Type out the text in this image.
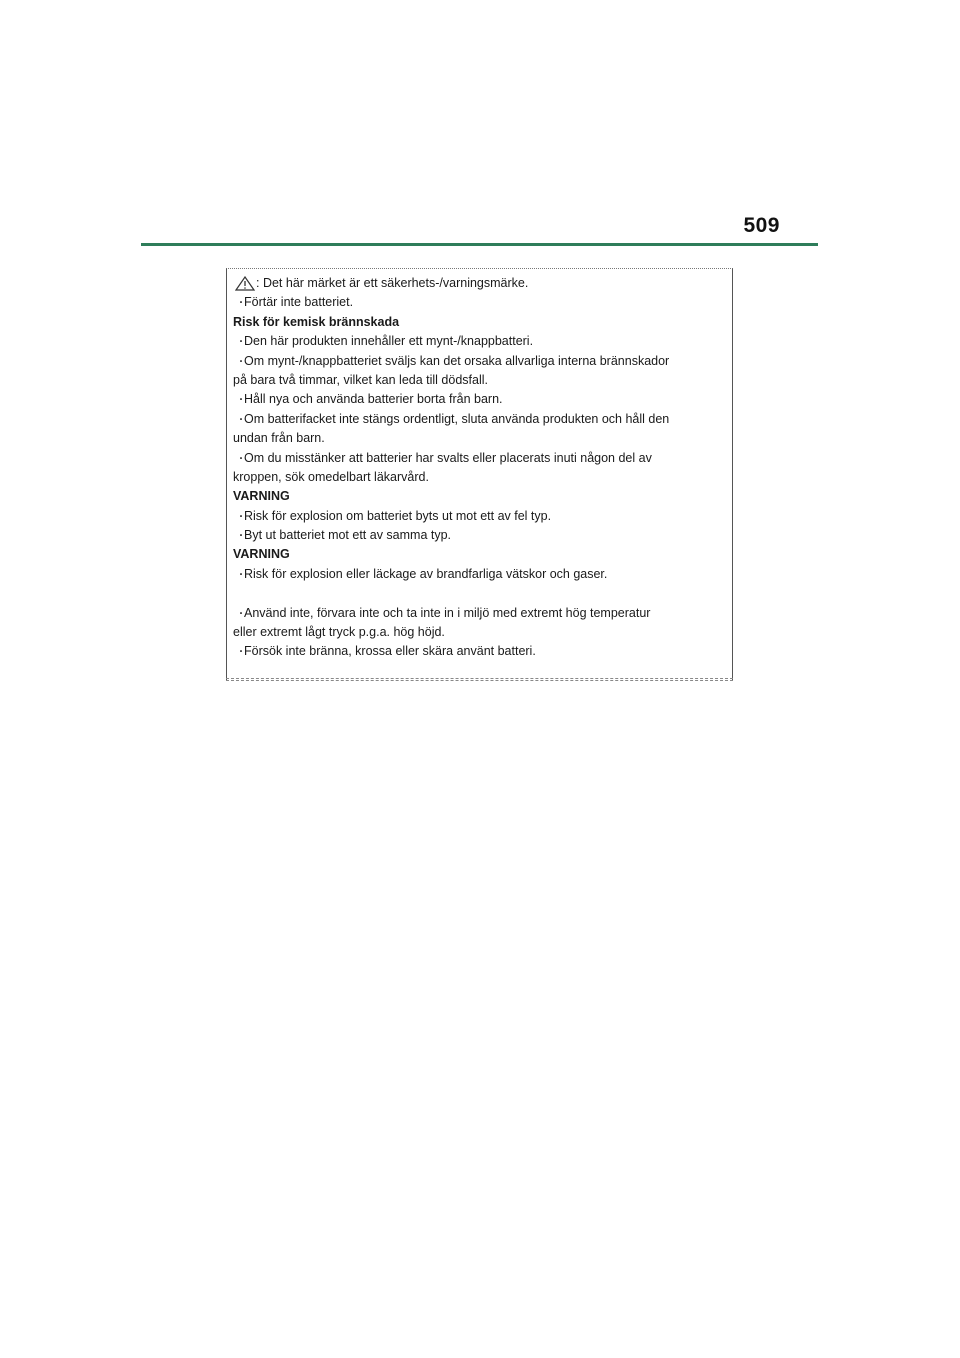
509
: Det här märket är ett säkerhets-/varningsmärke.
・Förtär inte batteriet.
Risk för kemisk brännskada
・Den här produkten innehåller ett mynt-/knappbatteri.
・Om mynt-/knappbatteriet sväljs kan det orsaka allvarliga interna brännskador
på bara två timmar, vilket kan leda till dödsfall.
・Håll nya och använda batterier borta från barn.
・Om batterifacket inte stängs ordentligt, sluta använda produkten och håll den
undan från barn.
・Om du misstänker att batterier har svalts eller placerats inuti någon del av
kroppen, sök omedelbart läkarvård.
VARNING
・Risk för explosion om batteriet byts ut mot ett av fel typ.
・Byt ut batteriet mot ett av samma typ.
VARNING
・Risk för explosion eller läckage av brandfarliga vätskor och gaser.
・Använd inte, förvara inte och ta inte in i miljö med extremt hög temperatur
eller extremt lågt tryck p.g.a. hög höjd.
・Försök inte bränna, krossa eller skära använt batteri.
